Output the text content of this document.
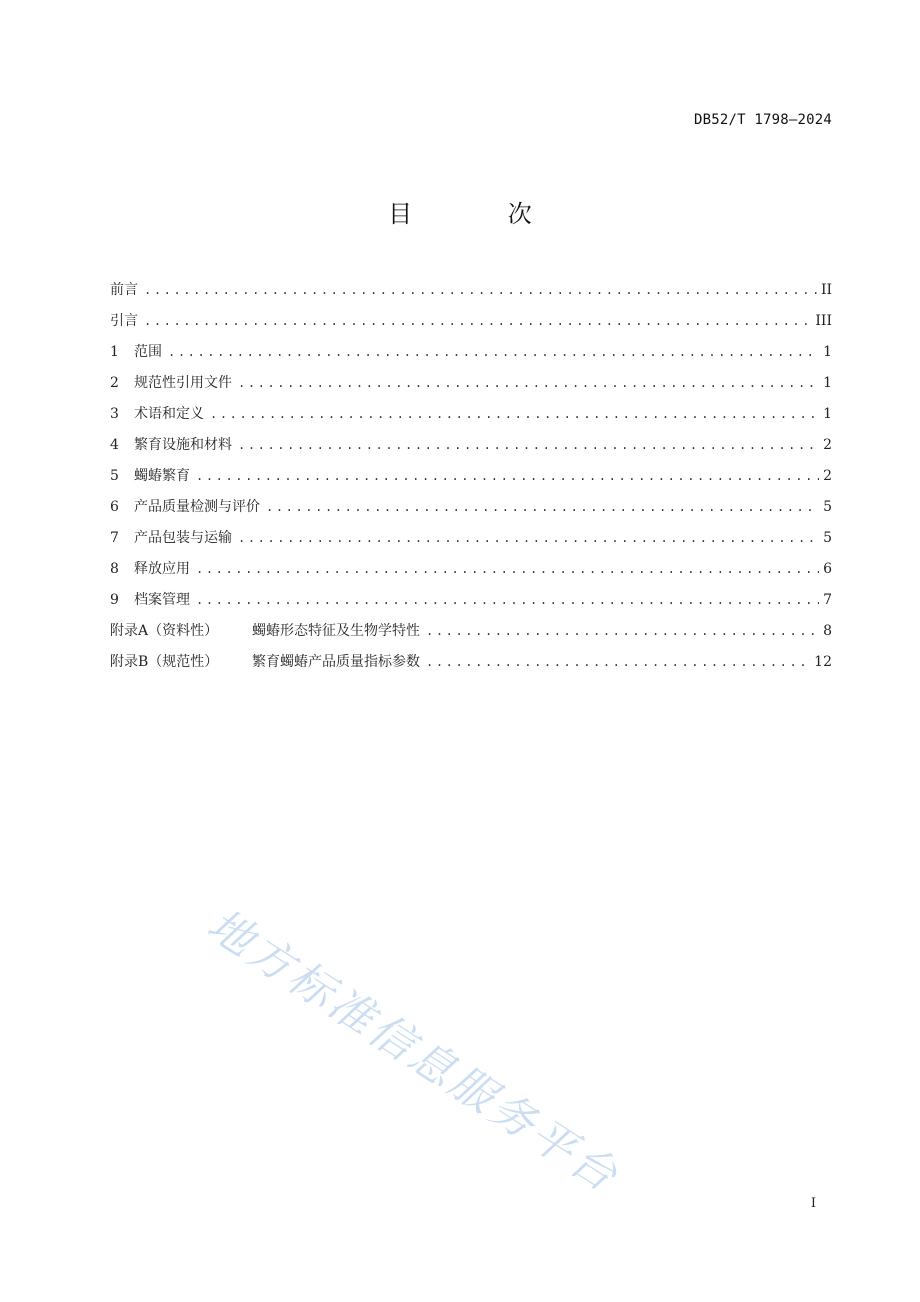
DB52/T 1798—2024
目 次
前言 .....	II
引言 .....	III
1	范围 .....	1
2	规范性引用文件 .....	1
3	术语和定义 .....	1
4	繁育设施和材料 .....	2
5	蠋蝽繁育 .....	2
6	产品质量检测与评价 .....	5
7	产品包装与运输 .....	5
8	释放应用 .....	6
9	档案管理 .....	7
附录A（资料性）	蠋蝽形态特征及生物学特性 .....	8
附录B（规范性）	繁育蠋蝽产品质量指标参数 .....	12
地方标准信息服务平台
I
